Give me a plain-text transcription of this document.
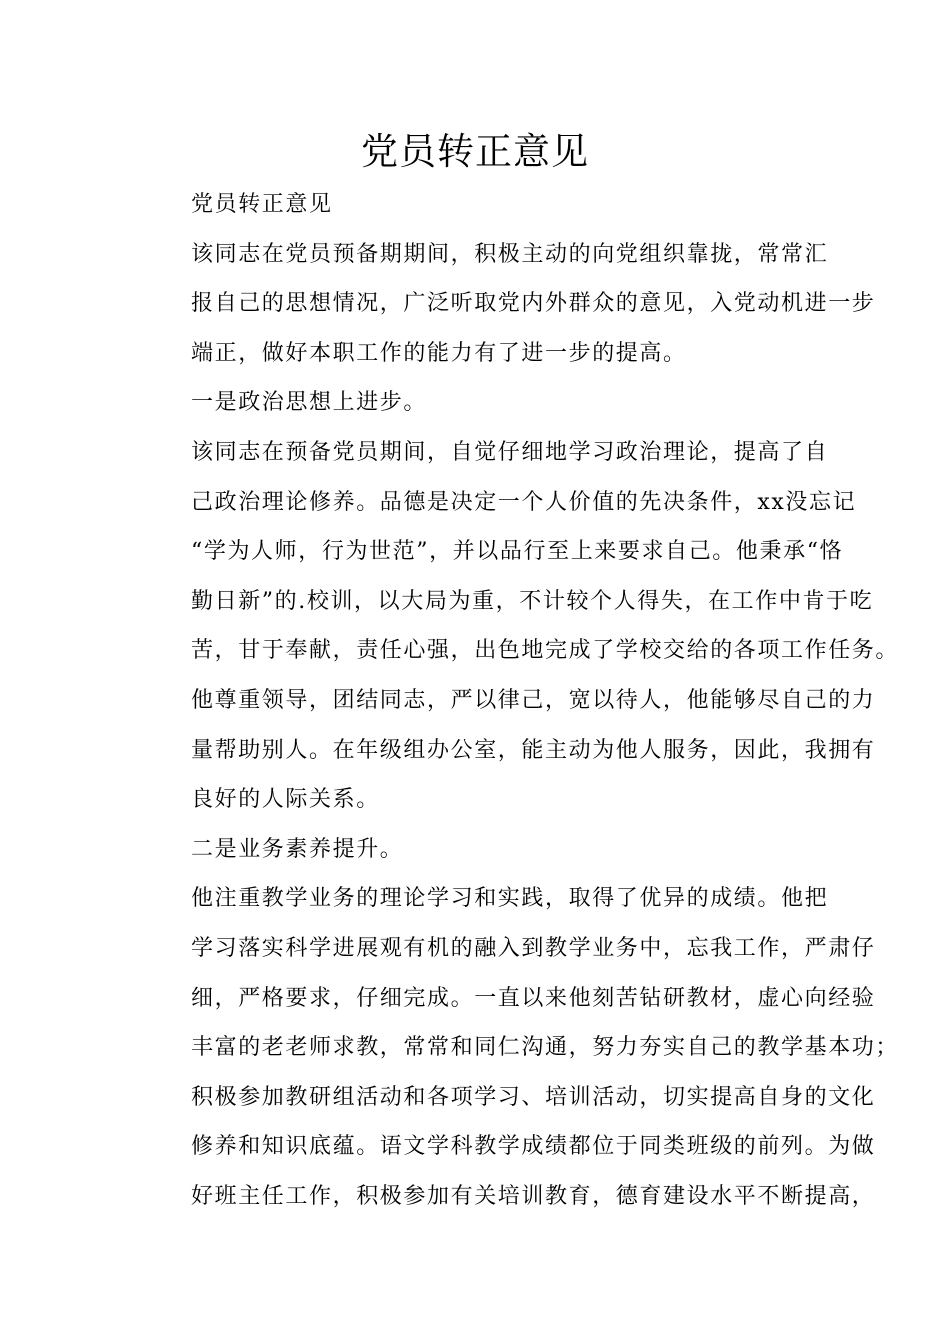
党员转正意见

党员转正意见

该同志在党员预备期期间，积极主动的向党组织靠拢，常常汇
报自己的思想情况，广泛听取党内外群众的意见，入党动机进一步
端正，做好本职工作的能力有了进一步的提高。

一是政治思想上进步。

该同志在预备党员期间，自觉仔细地学习政治理论，提高了自
己政治理论修养。品德是决定一个人价值的先决条件，xx没忘记
“学为人师，行为世范”，并以品行至上来要求自己。他秉承“恪
勤日新”的.校训，以大局为重，不计较个人得失，在工作中肯于吃
苦，甘于奉献，责任心强，出色地完成了学校交给的各项工作任务。
他尊重领导，团结同志，严以律己，宽以待人，他能够尽自己的力
量帮助别人。在年级组办公室，能主动为他人服务，因此，我拥有
良好的人际关系。

二是业务素养提升。

他注重教学业务的理论学习和实践，取得了优异的成绩。他把
学习落实科学进展观有机的融入到教学业务中，忘我工作，严肃仔
细，严格要求，仔细完成。一直以来他刻苦钻研教材，虚心向经验
丰富的老老师求教，常常和同仁沟通，努力夯实自己的教学基本功；
积极参加教研组活动和各项学习、培训活动，切实提高自身的文化
修养和知识底蕴。语文学科教学成绩都位于同类班级的前列。为做
好班主任工作，积极参加有关培训教育，德育建设水平不断提高，
